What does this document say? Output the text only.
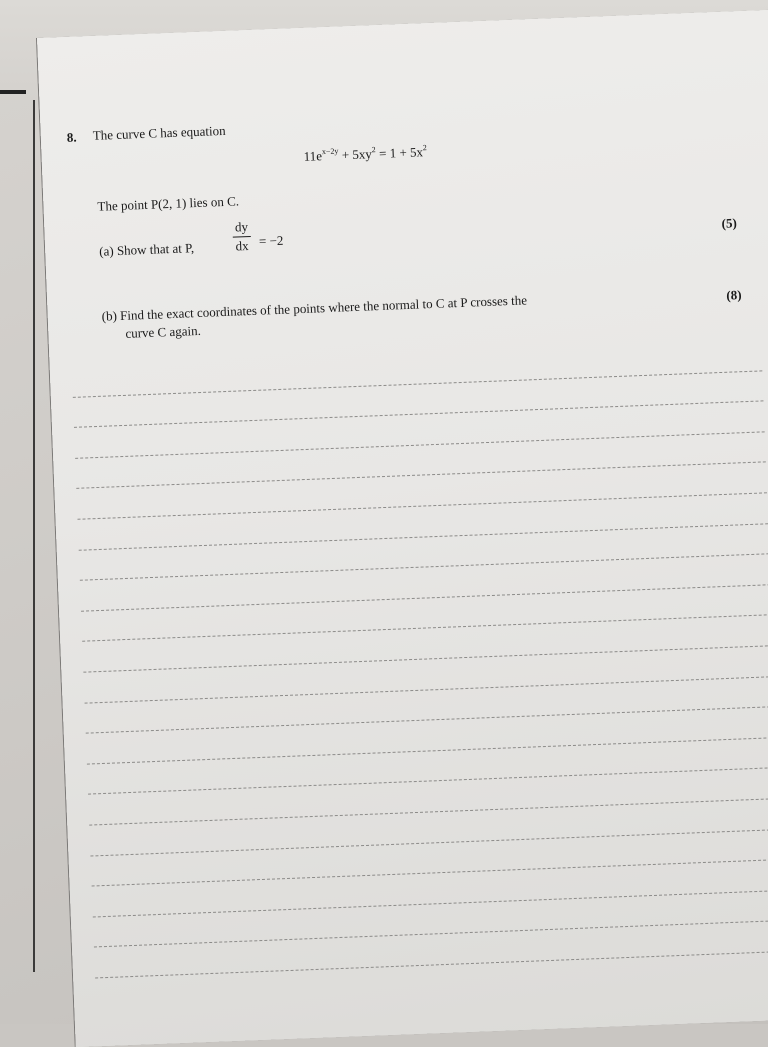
8. The curve C has equation
$11e^{x-2y} + 5xy^2 = 1 + 5x^2$
The point P(2, 1) lies on C.
(a) Show that at P,
dy
dx = −2
(5)
(b) Find the exact coordinates of the points where the normal to C at P crosses the
curve C again.
(8)
